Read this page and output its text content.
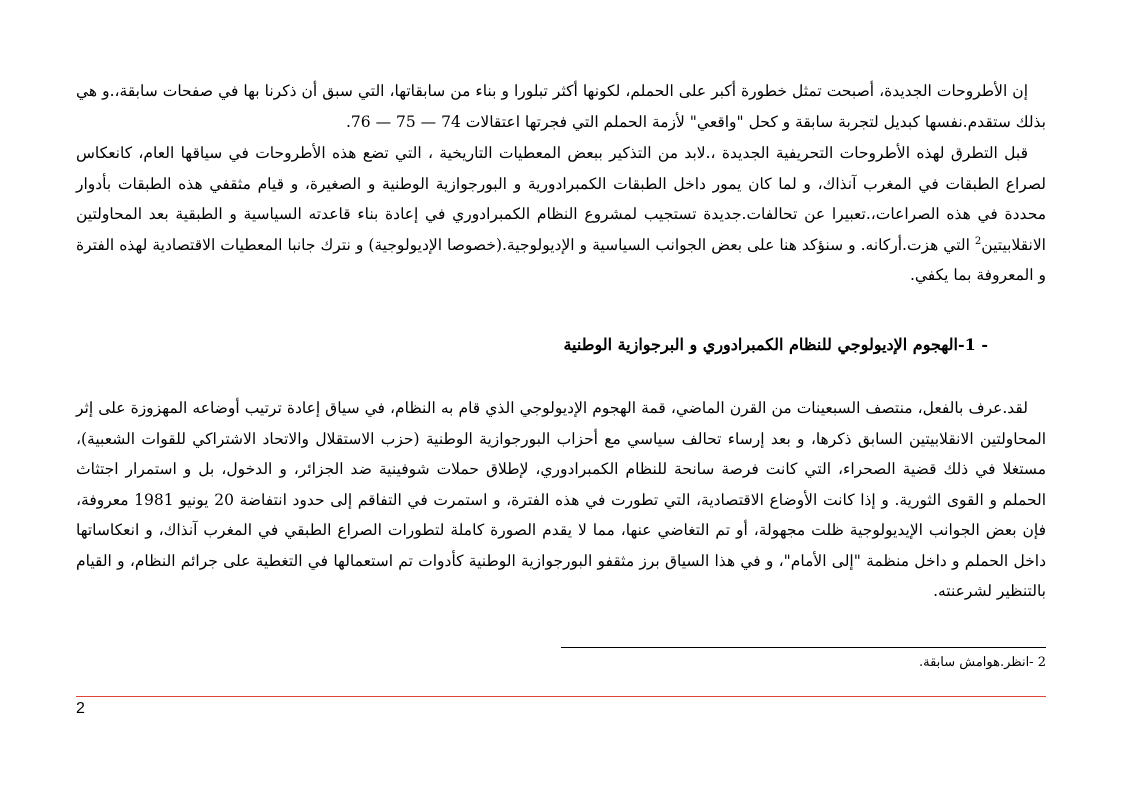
إن الأطروحات الجديدة، أصبحت تمثل خطورة أكبر على الحملم، لكونها أكثر تبلورا و بناء من سابقاتها، التي سبق أن ذكرنا بها في صفحات سابقة،.و هي بذلك ستقدم.نفسها كبديل لتجربة سابقة و كحل "واقعي" لأزمة الحملم التي فجرتها اعتقالات 74 — 75 — 76.

قبل التطرق لهذه الأطروحات التحريفية الجديدة ،.لابد من التذكير ببعض المعطيات التاريخية ، التي تضع هذه الأطروحات في سياقها العام، كانعكاس لصراع الطبقات في المغرب آنذاك، و لما كان يمور داخل الطبقات الكمبرادورية و البورجوازية الوطنية و الصغيرة، و قيام مثقفي هذه الطبقات بأدوار محددة في هذه الصراعات،.تعبيرا عن تحالفات.جديدة تستجيب لمشروع النظام الكمبرادوري في إعادة بناء قاعدته السياسية و الطبقية بعد المحاولتين الانقلابيتين$^2$ التي هزت.أركانه. و سنؤكد هنا على بعض الجوانب السياسية و الإديولوجية.(خصوصا الإديولوجية) و نترك جانبا المعطيات الاقتصادية لهذه الفترة و المعروفة بما يكفي.

- 1-الهجوم الإديولوجي للنظام الكمبرادوري و البرجوازية الوطنية

لقد.عرف بالفعل، منتصف السبعينات من القرن الماضي، قمة الهجوم الإديولوجي الذي قام به النظام، في سياق إعادة ترتيب أوضاعه المهزوزة على إثر المحاولتين الانقلابيتين السابق ذكرها، و بعد إرساء تحالف سياسي مع أحزاب البورجوازية الوطنية (حزب الاستقلال والاتحاد الاشتراكي للقوات الشعبية)، مستغلا في ذلك قضية الصحراء، التي كانت فرصة سانحة للنظام الكمبرادوري، لإطلاق حملات شوفينية ضد الجزائر، و الدخول، بل و استمرار اجتثاث الحملم و القوى الثورية. و إذا كانت الأوضاع الاقتصادية، التي تطورت في هذه الفترة، و استمرت في التفاقم إلى حدود انتفاضة 20 يونيو 1981 معروفة، فإن بعض الجوانب الإيديولوجية ظلت مجهولة، أو تم التغاضي عنها، مما لا يقدم الصورة كاملة لتطورات الصراع الطبقي في المغرب آنذاك، و انعكاساتها داخل الحملم و داخل منظمة "إلى الأمام"، و في هذا السياق برز مثقفو البورجوازية الوطنية كأدوات تم استعمالها في التغطية على جرائم النظام، و القيام بالتنظير لشرعنته.

2 -انظر.هوامش سابقة.

2
